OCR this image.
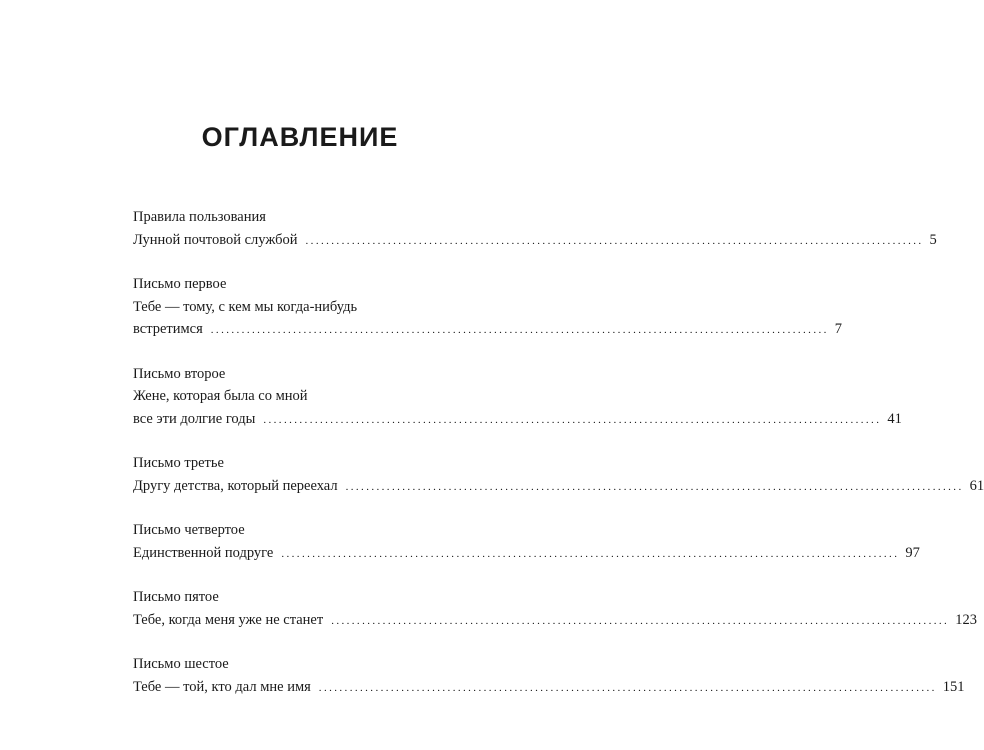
ОГЛАВЛЕНИЕ
Правила пользования
Лунной почтовой службой ........................................................................................................................ 5
Письмо первое
Тебе — тому, с кем мы когда-нибудь
встретимся ........................................................................................................................ 7
Письмо второе
Жене, которая была со мной
все эти долгие годы ........................................................................................................................ 41
Письмо третье
Другу детства, который переехал ........................................................................................................................ 61
Письмо четвертое
Единственной подруге ........................................................................................................................ 97
Письмо пятое
Тебе, когда меня уже не станет ........................................................................................................................ 123
Письмо шестое
Тебе — той, кто дал мне имя ........................................................................................................................ 151
